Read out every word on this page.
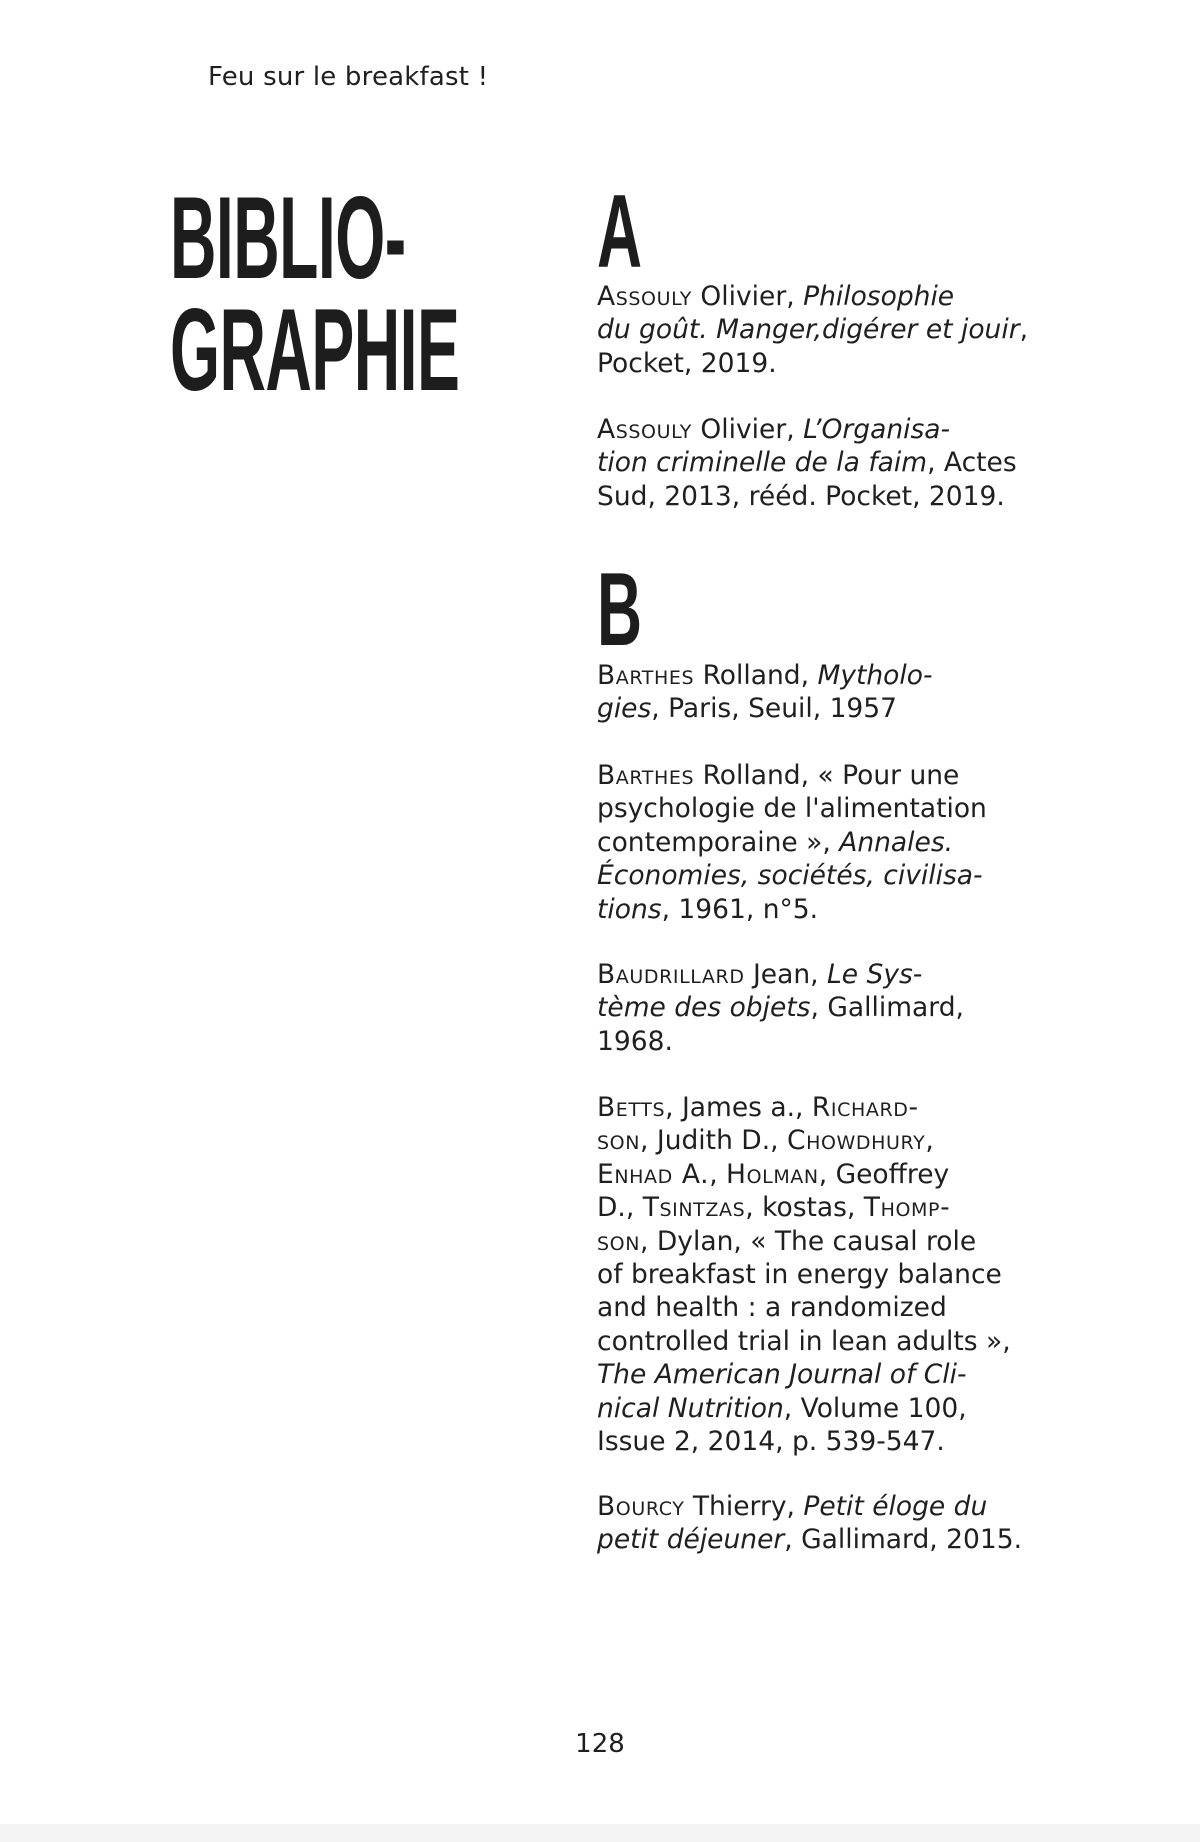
Feu sur le breakfast !
BIBLIO-
GRAPHIE
A

Assouly Olivier, Philosophie
du goût. Manger,digérer et jouir,
Pocket, 2019.

Assouly Olivier, L’Organisa-
tion criminelle de la faim, Actes
Sud, 2013, rééd. Pocket, 2019.

B

Barthes Rolland, Mytholo-
gies, Paris, Seuil, 1957

Barthes Rolland, « Pour une
psychologie de l'alimentation
contemporaine », Annales.
Économies, sociétés, civilisa-
tions, 1961, n°5.

Baudrillard Jean, Le Sys-
tème des objets, Gallimard,
1968.

Betts, James a., Richard-
son, Judith D., Chowdhury,
Enhad A., Holman, Geoffrey
D., Tsintzas, kostas, Thomp-
son, Dylan, « The causal role
of breakfast in energy balance
and health : a randomized
controlled trial in lean adults »,
The American Journal of Cli-
nical Nutrition, Volume 100,
Issue 2, 2014, p. 539-547.

Bourcy Thierry, Petit éloge du
petit déjeuner, Gallimard, 2015.

128
